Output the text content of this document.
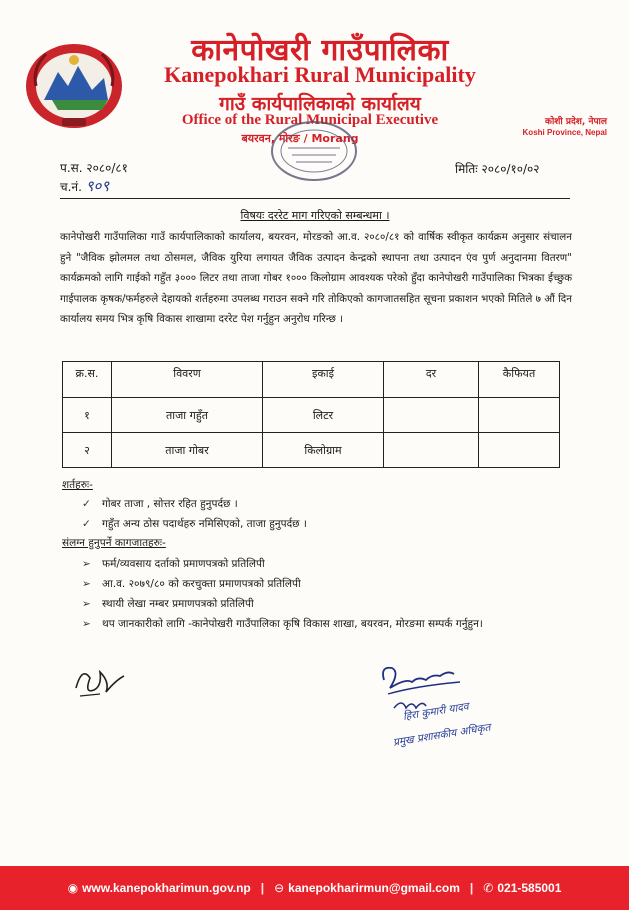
कानेपोखरी गाउँपालिका
Kanepokhari Rural Municipality
गाउँ कार्यपालिकाको कार्यालय
Office of the Rural Municipal Executive
बयरवन, मोरङ / Morang
कोशी प्रदेश, नेपाल
Koshi Province, Nepal
प.स. २०८०/८१
च.नं. ९०९
मितिः २०८०/१०/०२
विषयः दररेट माग गरिएको सम्बन्धमा ।
कानेपोखरी गाउँपालिका गाउँ कार्यपालिकाको कार्यालय, बयरवन, मोरङको आ.व. २०८०/८१ को वार्षिक स्वीकृत कार्यक्रम अनुसार संचालन हुने "जैविक झोलमल तथा ठोसमल, जैविक युरिया लगायत जैविक उत्पादन केन्द्रको स्थापना तथा उत्पादन एंव पुर्ण अनुदानमा वितरण" कार्यक्रमको लागि गाईको गहुँत ३००० लिटर तथा ताजा गोबर १००० किलोग्राम आवश्यक परेको हुँदा कानेपोखरी गाउँपालिका भित्रका ईच्छुक गाईपालक कृषक/फर्महरुले देहायको शर्तहरुमा उपलब्ध गराउन सक्ने गरि तोकिएको कागजातसहित सूचना प्रकाशन भएको मितिले ७ औं दिन कार्यालय समय भित्र कृषि विकास शाखामा दररेट पेश गर्नुहुन अनुरोध गरिन्छ ।
क्र.स.	विवरण	इकाई	दर	कैफियत
१	ताजा गहुँत	लिटर		
२	ताजा गोबर	किलोग्राम		
शर्तहरुः-
✓ गोबर ताजा , सोत्तर रहित हुनुपर्दछ ।
✓ गहुँत अन्य ठोस पदार्थहरु नमिसिएको, ताजा हुनुपर्दछ ।
संलग्न हुनुपर्ने कागजातहरुः-
➢ फर्म/व्यवसाय दर्ताको प्रमाणपत्रको प्रतिलिपी
➢ आ.व. २०७९/८० को करचुक्ता प्रमाणपत्रको प्रतिलिपी
➢ स्थायी लेखा नम्बर प्रमाणपत्रको प्रतिलिपी
➢ थप जानकारीको लागि -कानेपोखरी गाउँपालिका कृषि विकास शाखा, बयरवन, मोरङमा सम्पर्क गर्नुहुन।
हिरा कुमारी यादव
प्रमुख प्रशासकीय अधिकृत
◉ www.kanepokharimun.gov.np | ⊖ kanepokharirmun@gmail.com | ✆ 021-585001
